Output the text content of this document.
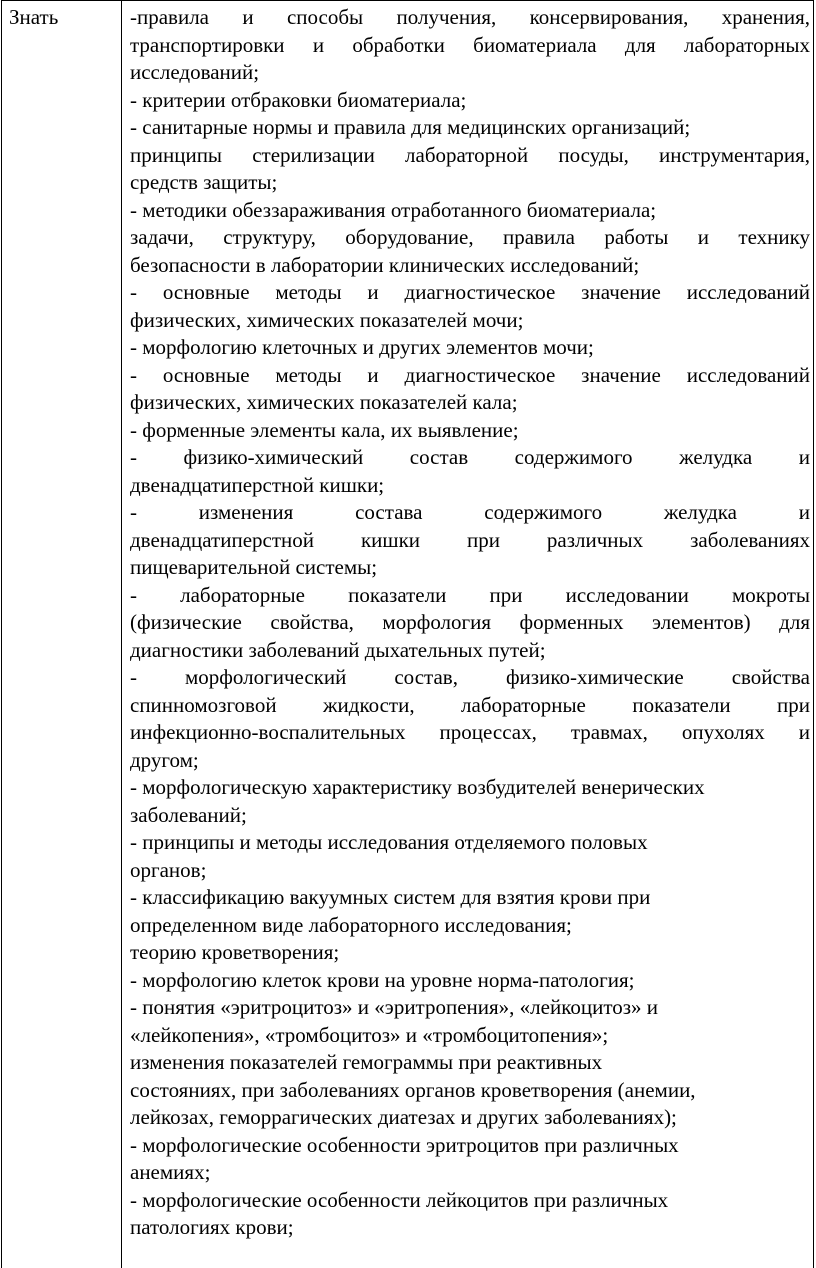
Знать	-правила и способы получения, консервирования, хранения,
транспортировки и обработки биоматериала для лабораторных
исследований;
- критерии отбраковки биоматериала;
- санитарные нормы и правила для медицинских организаций;
принципы стерилизации лабораторной посуды, инструментария,
средств защиты;
- методики обеззараживания отработанного биоматериала;
задачи, структуру, оборудование, правила работы и технику
безопасности в лаборатории клинических исследований;
- основные методы и диагностическое значение исследований
физических, химических показателей мочи;
- морфологию клеточных и других элементов мочи;
- основные методы и диагностическое значение исследований
физических, химических показателей кала;
- форменные элементы кала, их выявление;
- физико-химический состав содержимого желудка и
двенадцатиперстной кишки;
- изменения состава содержимого желудка и
двенадцатиперстной кишки при различных заболеваниях
пищеварительной системы;
- лабораторные показатели при исследовании мокроты
(физические свойства, морфология форменных элементов) для
диагностики заболеваний дыхательных путей;
- морфологический состав, физико-химические свойства
спинномозговой жидкости, лабораторные показатели при
инфекционно-воспалительных процессах, травмах, опухолях и
другом;
- морфологическую характеристику возбудителей венерических
заболеваний;
- принципы и методы исследования отделяемого половых
органов;
- классификацию вакуумных систем для взятия крови при
определенном виде лабораторного исследования;
теорию кроветворения;
- морфологию клеток крови на уровне норма-патология;
- понятия «эритроцитоз» и «эритропения», «лейкоцитоз» и
«лейкопения», «тромбоцитоз» и «тромбоцитопения»;
изменения показателей гемограммы при реактивных
состояниях, при заболеваниях органов кроветворения (анемии,
лейкозах, геморрагических диатезах и других заболеваниях);
- морфологические особенности эритроцитов при различных
анемиях;
- морфологические особенности лейкоцитов при различных
патологиях крови;
